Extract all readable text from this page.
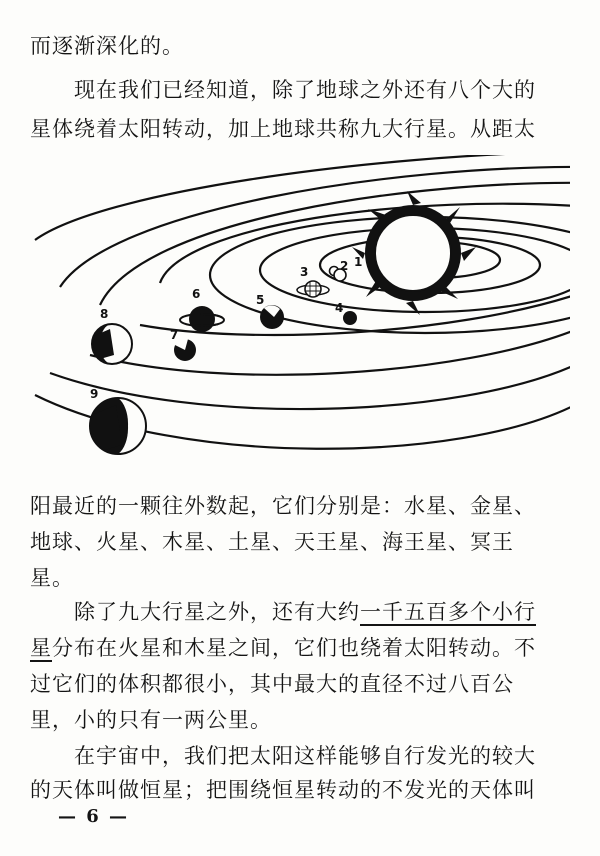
而逐渐深化的。
现在我们已经知道，除了地球之外还有八个大的
星体绕着太阳转动，加上地球共称九大行星。从距太
1
2
3
4
5
6
7
8
9
阳最近的一颗往外数起，它们分别是：水星、金星、
地球、火星、木星、土星、天王星、海王星、冥王
星。
除了九大行星之外，还有大约一千五百多个小行
星分布在火星和木星之间，它们也绕着太阳转动。不
过它们的体积都很小，其中最大的直径不过八百公
里，小的只有一两公里。
在宇宙中，我们把太阳这样能够自行发光的较大
的天体叫做恒星；把围绕恒星转动的不发光的天体叫
— 6 —
